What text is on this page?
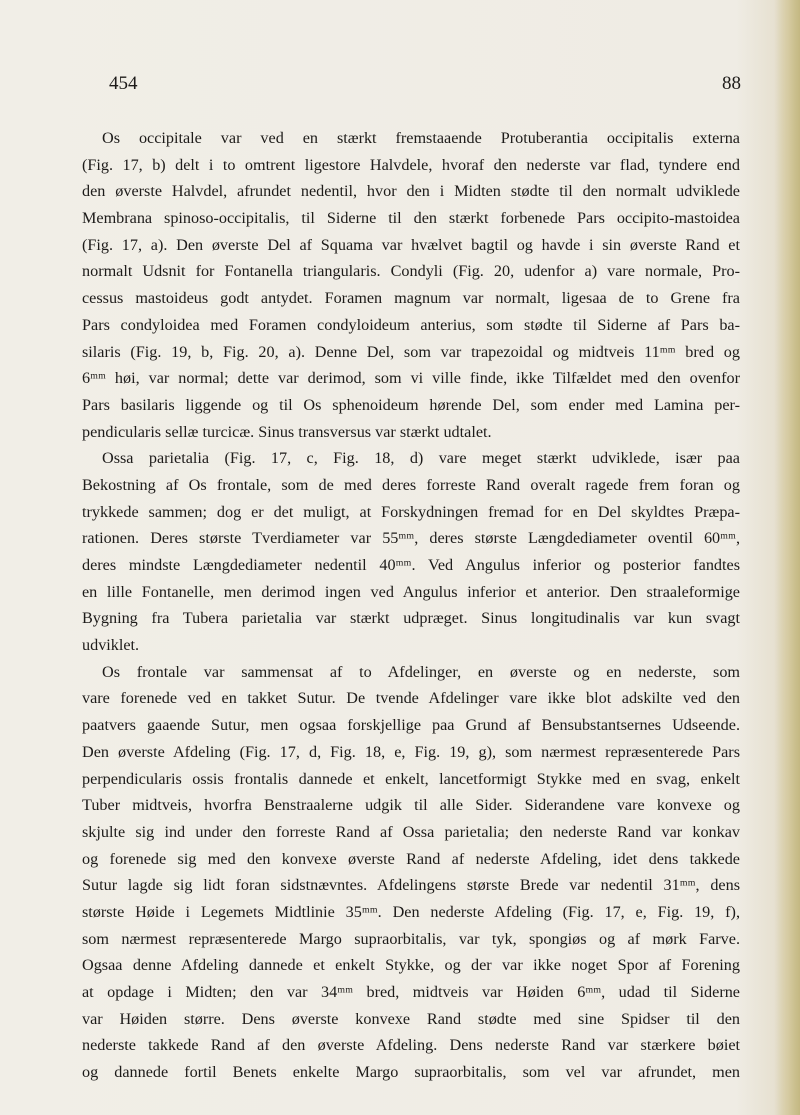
454	88
Os occipitale var ved en stærkt fremstaaende Protuberantia occipitalis externa
(Fig. 17, b) delt i to omtrent ligestore Halvdele, hvoraf den nederste var flad, tyndere end
den øverste Halvdel, afrundet nedentil, hvor den i Midten stødte til den normalt udviklede
Membrana spinoso-occipitalis, til Siderne til den stærkt forbenede Pars occipito-mastoidea
(Fig. 17, a). Den øverste Del af Squama var hvælvet bagtil og havde i sin øverste Rand et
normalt Udsnit for Fontanella triangularis. Condyli (Fig. 20, udenfor a) vare normale, Pro-
cessus mastoideus godt antydet. Foramen magnum var normalt, ligesaa de to Grene fra
Pars condyloidea med Foramen condyloideum anterius, som stødte til Siderne af Pars ba-
silaris (Fig. 19, b, Fig. 20, a). Denne Del, som var trapezoidal og midtveis 11ᵐᵐ bred og
6ᵐᵐ høi, var normal; dette var derimod, som vi ville finde, ikke Tilfældet med den ovenfor
Pars basilaris liggende og til Os sphenoideum hørende Del, som ender med Lamina per-
pendicularis sellæ turcicæ. Sinus transversus var stærkt udtalet.
Ossa parietalia (Fig. 17, c, Fig. 18, d) vare meget stærkt udviklede, især paa
Bekostning af Os frontale, som de med deres forreste Rand overalt ragede frem foran og
trykkede sammen; dog er det muligt, at Forskydningen fremad for en Del skyldtes Præpa-
rationen. Deres største Tverdiameter var 55ᵐᵐ, deres største Længdediameter oventil 60ᵐᵐ,
deres mindste Længdediameter nedentil 40ᵐᵐ. Ved Angulus inferior og posterior fandtes
en lille Fontanelle, men derimod ingen ved Angulus inferior et anterior. Den straaleformige
Bygning fra Tubera parietalia var stærkt udpræget. Sinus longitudinalis var kun svagt
udviklet.
Os frontale var sammensat af to Afdelinger, en øverste og en nederste, som
vare forenede ved en takket Sutur. De tvende Afdelinger vare ikke blot adskilte ved den
paatvers gaaende Sutur, men ogsaa forskjellige paa Grund af Bensubstantsernes Udseende.
Den øverste Afdeling (Fig. 17, d, Fig. 18, e, Fig. 19, g), som nærmest repræsenterede Pars
perpendicularis ossis frontalis dannede et enkelt, lancetformigt Stykke med en svag, enkelt
Tuber midtveis, hvorfra Benstraalerne udgik til alle Sider. Siderandene vare konvexe og
skjulte sig ind under den forreste Rand af Ossa parietalia; den nederste Rand var konkav
og forenede sig med den konvexe øverste Rand af nederste Afdeling, idet dens takkede
Sutur lagde sig lidt foran sidstnævntes. Afdelingens største Brede var nedentil 31ᵐᵐ, dens
største Høide i Legemets Midtlinie 35ᵐᵐ. Den nederste Afdeling (Fig. 17, e, Fig. 19, f),
som nærmest repræsenterede Margo supraorbitalis, var tyk, spongiøs og af mørk Farve.
Ogsaa denne Afdeling dannede et enkelt Stykke, og der var ikke noget Spor af Forening
at opdage i Midten; den var 34ᵐᵐ bred, midtveis var Høiden 6ᵐᵐ, udad til Siderne
var Høiden større. Dens øverste konvexe Rand stødte med sine Spidser til den
nederste takkede Rand af den øverste Afdeling. Dens nederste Rand var stærkere bøiet
og dannede fortil Benets enkelte Margo supraorbitalis, som vel var afrundet, men
